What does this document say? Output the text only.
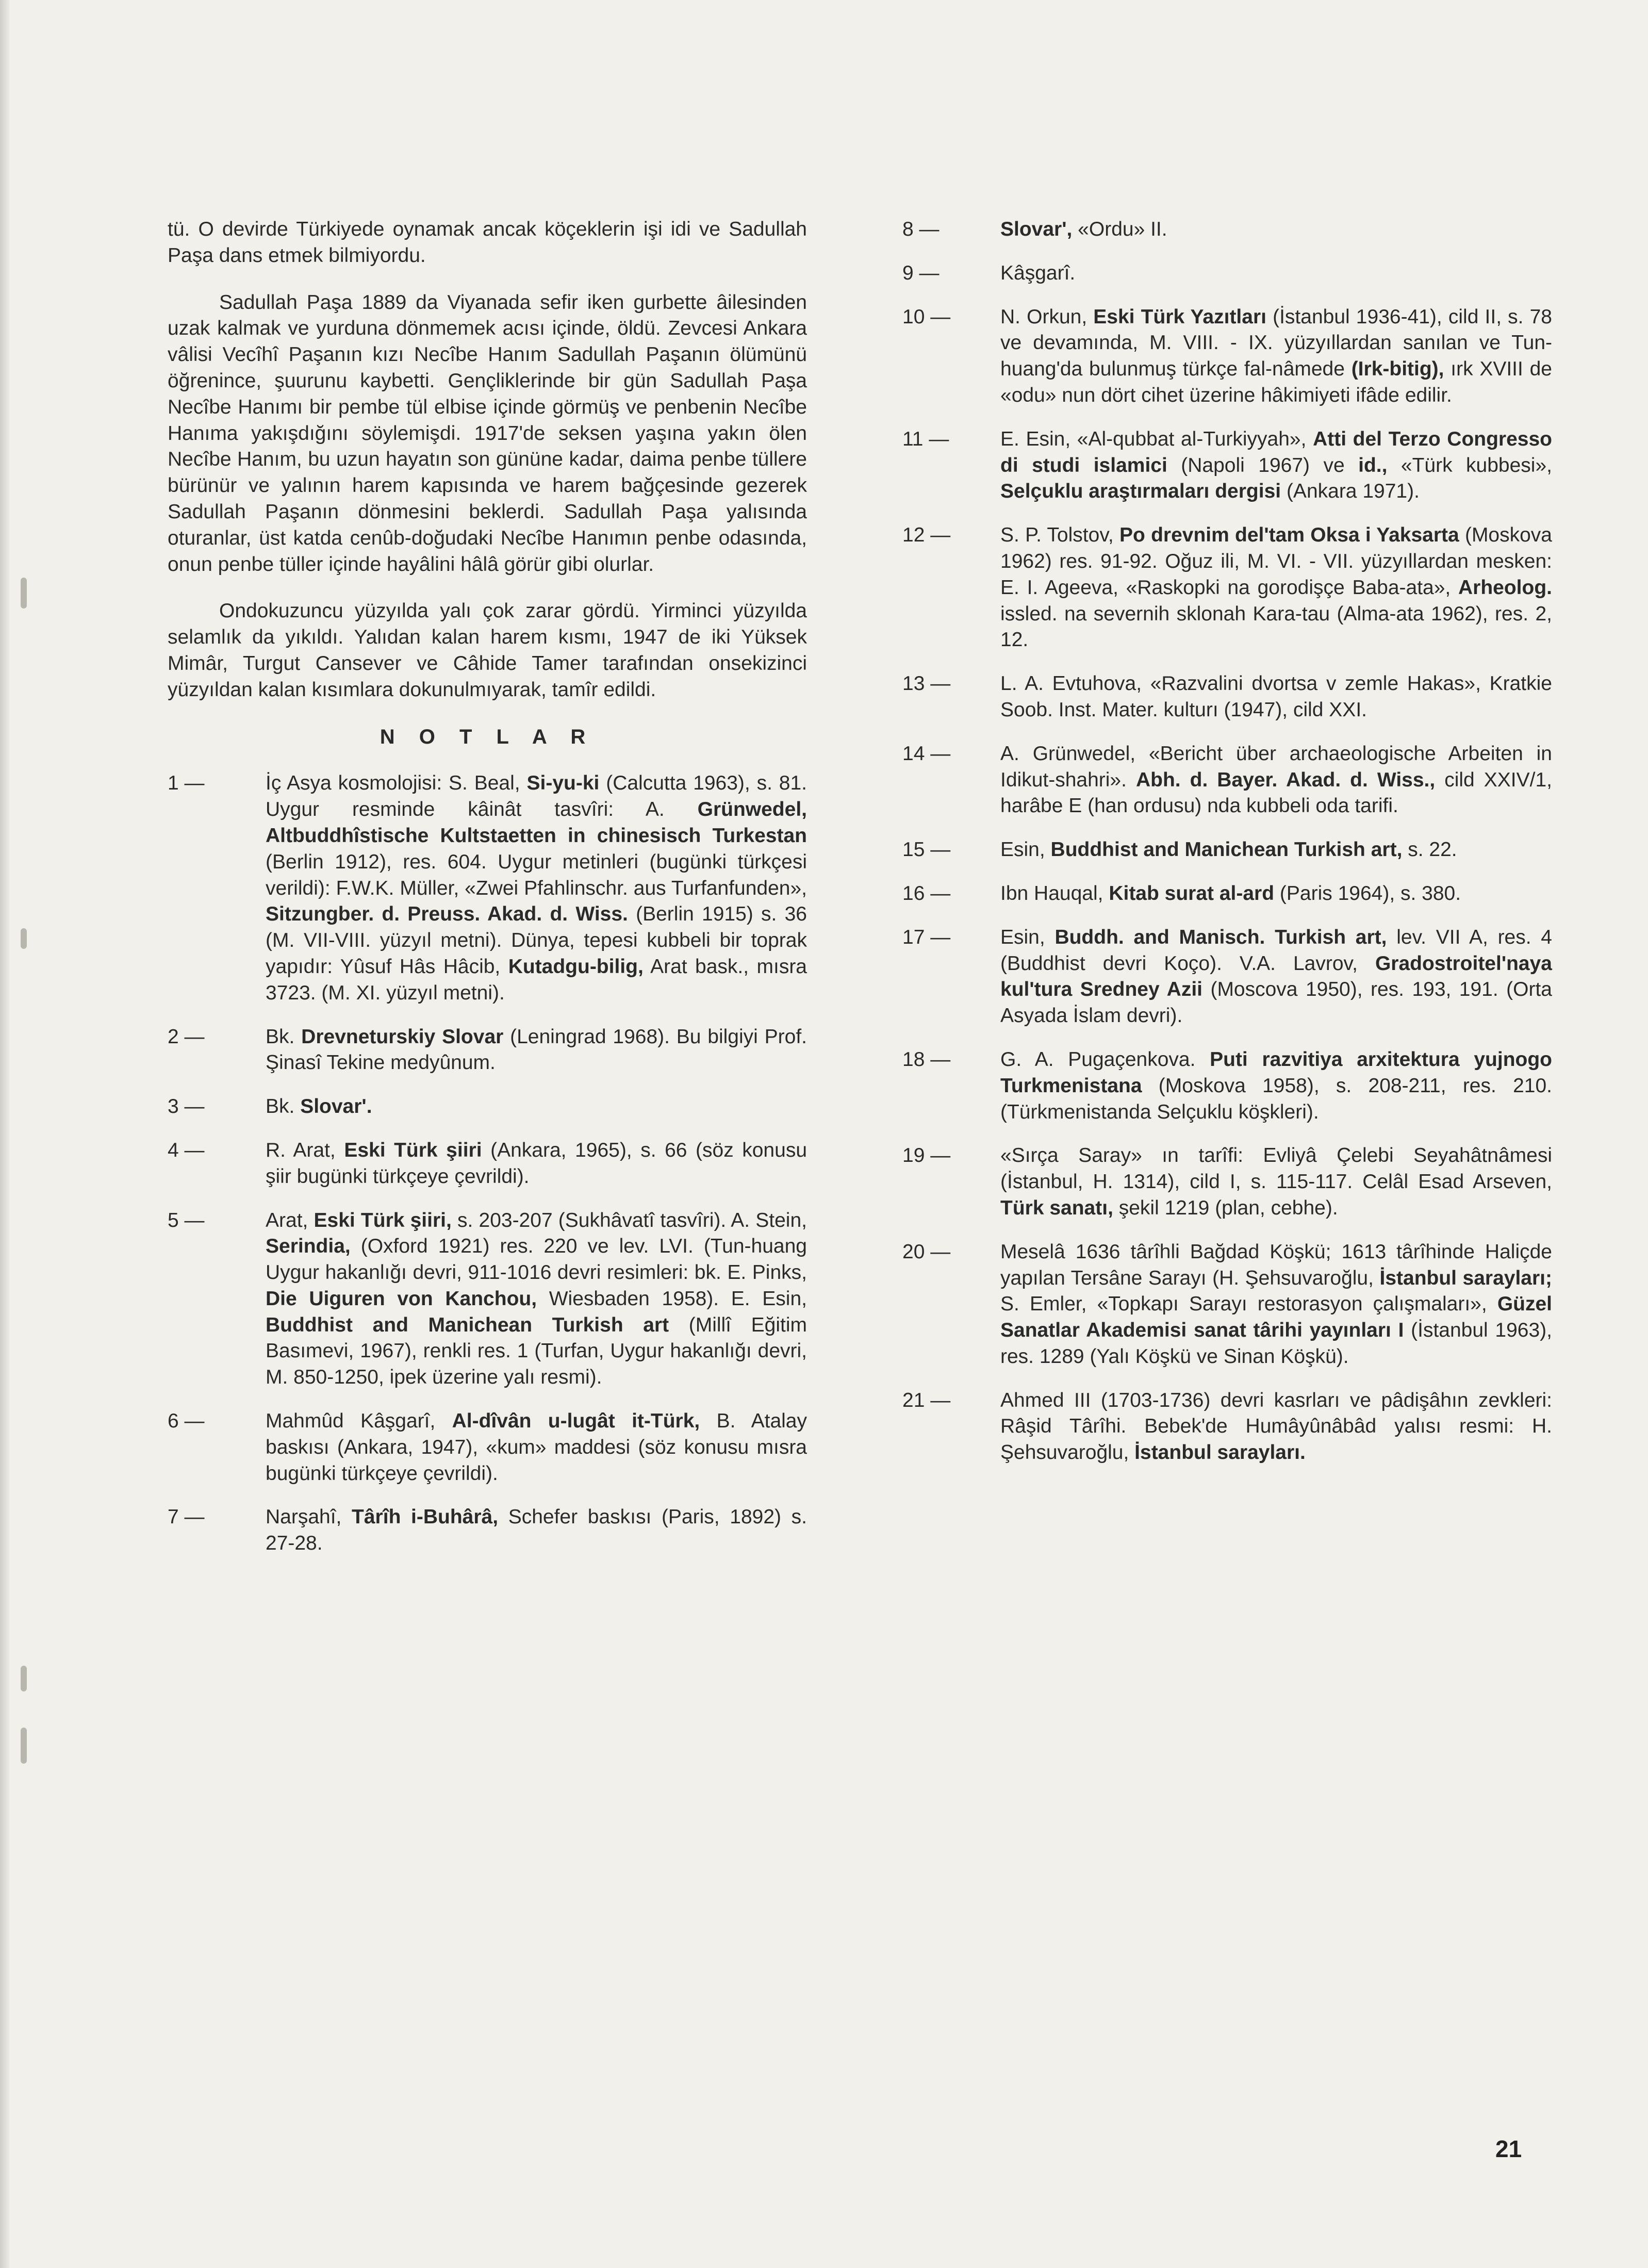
tü. O devirde Türkiyede oynamak ancak köçeklerin işi idi ve Sadullah Paşa dans etmek bilmiyordu.

Sadullah Paşa 1889 da Viyanada sefir iken gurbette âilesinden uzak kalmak ve yurduna dönmemek acısı içinde, öldü. Zevcesi Ankara vâlisi Vecîhî Paşanın kızı Necîbe Hanım Sadullah Paşanın ölümünü öğrenince, şuurunu kaybetti. Gençliklerinde bir gün Sadullah Paşa Necîbe Hanımı bir pembe tül elbise içinde görmüş ve penbenin Necîbe Hanıma yakışdığını söylemişdi. 1917'de seksen yaşına yakın ölen Necîbe Hanım, bu uzun hayatın son gününe kadar, daima penbe tüllere bürünür ve yalının harem kapısında ve harem bağçesinde gezerek Sadullah Paşanın dönmesini beklerdi. Sadullah Paşa yalısında oturanlar, üst katda cenûb-doğudaki Necîbe Hanımın penbe odasında, onun penbe tüller içinde hayâlini hâlâ görür gibi olurlar.

Ondokuzuncu yüzyılda yalı çok zarar gördü. Yirminci yüzyılda selamlık da yıkıldı. Yalıdan kalan harem kısmı, 1947 de iki Yüksek Mimâr, Turgut Cansever ve Câhide Tamer tarafından onsekizinci yüzyıldan kalan kısımlara dokunulmıyarak, tamîr edildi.

N O T L A R
1 —	İç Asya kosmolojisi: S. Beal, Si-yu-ki (Calcutta 1963), s. 81. Uygur resminde kâinât tasvîri: A. Grünwedel, Altbuddhîstische Kultstaetten in chinesisch Turkestan (Berlin 1912), res. 604. Uygur metinleri (bugünki türkçesi verildi): F.W.K. Müller, «Zwei Pfahlinschr. aus Turfanfunden», Sitzungber. d. Preuss. Akad. d. Wiss. (Berlin 1915) s. 36 (M. VII-VIII. yüzyıl metni). Dünya, tepesi kubbeli bir toprak yapıdır: Yûsuf Hâs Hâcib, Kutadgu-bilig, Arat bask., mısra 3723. (M. XI. yüzyıl metni).
2 —	Bk. Drevneturskiy Slovar (Leningrad 1968). Bu bilgiyi Prof. Şinasî Tekine medyûnum.
3 —	Bk. Slovar'.
4 —	R. Arat, Eski Türk şiiri (Ankara, 1965), s. 66 (söz konusu şiir bugünki türkçeye çevrildi).
5 —	Arat, Eski Türk şiiri, s. 203-207 (Sukhâvatî tasvîri). A. Stein, Serindia, (Oxford 1921) res. 220 ve lev. LVI. (Tun-huang Uygur hakanlığı devri, 911-1016 devri resimleri: bk. E. Pinks, Die Uiguren von Kanchou, Wiesbaden 1958). E. Esin, Buddhist and Manichean Turkish art (Millî Eğitim Basımevi, 1967), renkli res. 1 (Turfan, Uygur hakanlığı devri, M. 850-1250, ipek üzerine yalı resmi).
6 —	Mahmûd Kâşgarî, Al-dîvân u-lugât it-Türk, B. Atalay baskısı (Ankara, 1947), «kum» maddesi (söz konusu mısra bugünki türkçeye çevrildi).
7 —	Narşahî, Târîh i-Buhârâ, Schefer baskısı (Paris, 1892) s. 27-28.
8 —	Slovar', «Ordu» II.
9 —	Kâşgarî.
10 —	N. Orkun, Eski Türk Yazıtları (İstanbul 1936-41), cild II, s. 78 ve devamında, M. VIII. - IX. yüzyıllardan sanılan ve Tun-huang'da bulunmuş türkçe fal-nâmede (Irk-bitig), ırk XVIII de «odu» nun dört cihet üzerine hâkimiyeti ifâde edilir.
11 —	E. Esin, «Al-qubbat al-Turkiyyah», Atti del Terzo Congresso di studi islamici (Napoli 1967) ve id., «Türk kubbesi», Selçuklu araştırmaları dergisi (Ankara 1971).
12 —	S. P. Tolstov, Po drevnim del'tam Oksa i Yaksarta (Moskova 1962) res. 91-92. Oğuz ili, M. VI. - VII. yüzyıllardan mesken: E. I. Ageeva, «Raskopki na gorodişçe Baba-ata», Arheolog. issled. na severnih sklonah Kara-tau (Alma-ata 1962), res. 2, 12.
13 —	L. A. Evtuhova, «Razvalini dvortsa v zemle Hakas», Kratkie Soob. Inst. Mater. kulturı (1947), cild XXI.
14 —	A. Grünwedel, «Bericht über archaeologische Arbeiten in Idikut-shahri». Abh. d. Bayer. Akad. d. Wiss., cild XXIV/1, harâbe E (han ordusu) nda kubbeli oda tarifi.
15 —	Esin, Buddhist and Manichean Turkish art, s. 22.
16 —	Ibn Hauqal, Kitab surat al-ard (Paris 1964), s. 380.
17 —	Esin, Buddh. and Manisch. Turkish art, lev. VII A, res. 4 (Buddhist devri Koço). V.A. Lavrov, Gradostroitel'naya kul'tura Sredney Azii (Moscova 1950), res. 193, 191. (Orta Asyada İslam devri).
18 —	G. A. Pugaçenkova. Puti razvitiya arxitektura yujnogo Turkmenistana (Moskova 1958), s. 208-211, res. 210. (Türkmenistanda Selçuklu köşkleri).
19 —	«Sırça Saray» ın tarîfi: Evliyâ Çelebi Seyahâtnâmesi (İstanbul, H. 1314), cild I, s. 115-117. Celâl Esad Arseven, Türk sanatı, şekil 1219 (plan, cebhe).
20 —	Meselâ 1636 târîhli Bağdad Köşkü; 1613 târîhinde Haliçde yapılan Tersâne Sarayı (H. Şehsuvaroğlu, İstanbul sarayları; S. Emler, «Topkapı Sarayı restorasyon çalışmaları», Güzel Sanatlar Akademisi sanat târihi yayınları I (İstanbul 1963), res. 1289 (Yalı Köşkü ve Sinan Köşkü).
21 —	Ahmed III (1703-1736) devri kasrları ve pâdişâhın zevkleri: Râşid Târîhi. Bebek'de Humâyûnâbâd yalısı resmi: H. Şehsuvaroğlu, İstanbul sarayları.
21
